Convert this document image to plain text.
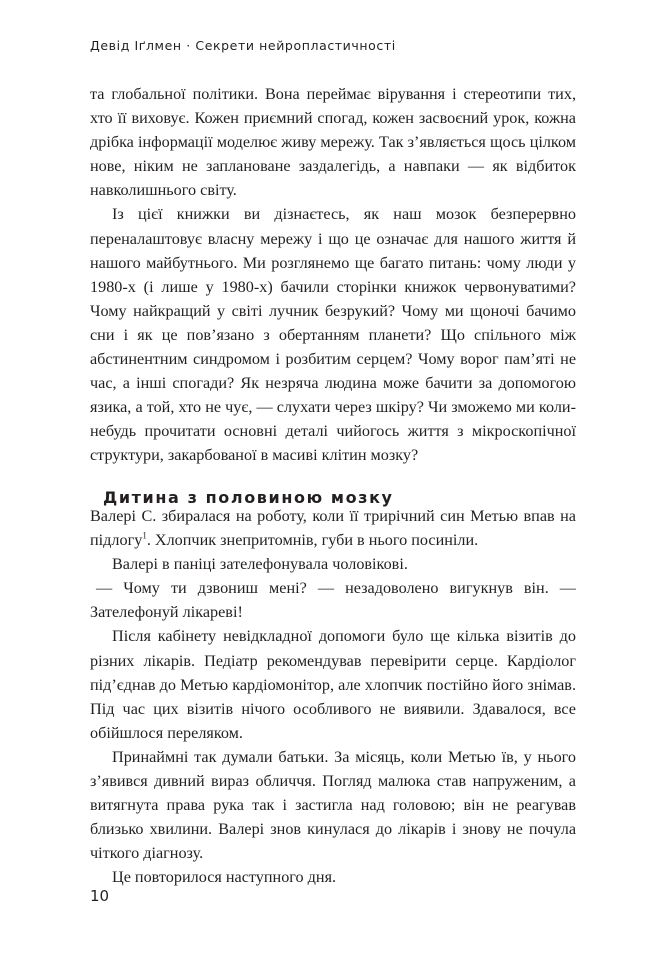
Девід Іґлмен · Секрети нейропластичності

та глобальної політики. Вона переймає вірування і стереотипи тих, хто її виховує. Кожен приємний спогад, кожен засвоєний урок, кожна дрібка інформації моделює живу мережу. Так з’являється щось цілком нове, ніким не заплановане заздалегідь, а навпаки — як відбиток навколишнього світу.

Із цієї книжки ви дізнаєтесь, як наш мозок безперервно переналаштовує власну мережу і що це означає для нашого життя й нашого майбутнього. Ми розглянемо ще багато питань: чому люди у 1980-х (і лише у 1980-х) бачили сторінки книжок червонуватими? Чому найкращий у світі лучник безрукий? Чому ми щоночі бачимо сни і як це пов’язано з обертанням планети? Що спільного між абстинентним синдромом і розбитим серцем? Чому ворог пам’яті не час, а інші спогади? Як незряча людина може бачити за допомогою язика, а той, хто не чує, — слухати через шкіру? Чи зможемо ми коли-небудь прочитати основні деталі чийогось життя з мікроскопічної структури, закарбованої в масиві клітин мозку?

Дитина з половиною мозку

Валері С. збиралася на роботу, коли її трирічний син Метью впав на підлогу$^1$. Хлопчик знепритомнів, губи в нього посиніли.

Валері в паніці зателефонувала чоловікові.

— Чому ти дзвониш мені? — незадоволено вигукнув він. — Зателефонуй лікареві!

Після кабінету невідкладної допомоги було ще кілька візитів до різних лікарів. Педіатр рекомендував перевірити серце. Кардіолог під’єднав до Метью кардіомонітор, але хлопчик постійно його знімав. Під час цих візитів нічого особливого не виявили. Здавалося, все обійшлося переляком.

Принаймні так думали батьки. За місяць, коли Метью їв, у нього з’явився дивний вираз обличчя. Погляд малюка став напруженим, а витягнута права рука так і застигла над головою; він не реагував близько хвилини. Валері знов кинулася до лікарів і знову не почула чіткого діагнозу.

Це повторилося наступного дня.

10
